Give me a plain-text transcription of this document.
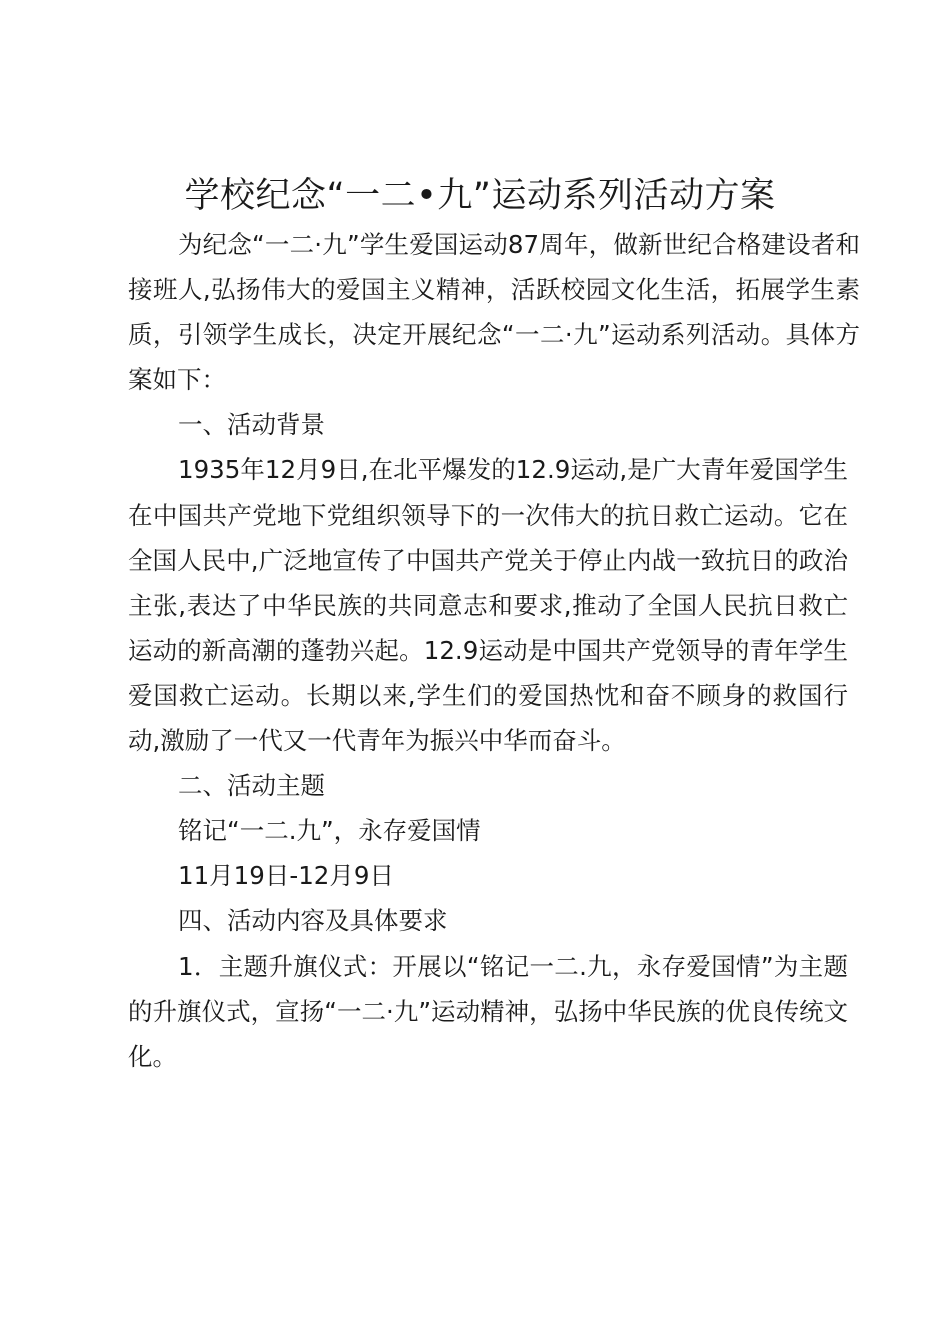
学校纪念“一二•九”运动系列活动方案

为纪念“一二·九”学生爱国运动87周年，做新世纪合格建设者和接班人,弘扬伟大的爱国主义精神，活跃校园文化生活，拓展学生素质，引领学生成长，决定开展纪念“一二·九”运动系列活动。具体方案如下：

一、活动背景

1935年12月9日,在北平爆发的12.9运动,是广大青年爱国学生在中国共产党地下党组织领导下的一次伟大的抗日救亡运动。它在全国人民中,广泛地宣传了中国共产党关于停止内战一致抗日的政治主张,表达了中华民族的共同意志和要求,推动了全国人民抗日救亡运动的新高潮的蓬勃兴起。12.9运动是中国共产党领导的青年学生爱国救亡运动。长期以来,学生们的爱国热忱和奋不顾身的救国行动,激励了一代又一代青年为振兴中华而奋斗。

二、活动主题

铭记“一二.九”，永存爱国情

11月19日-12月9日

四、活动内容及具体要求

1．主题升旗仪式：开展以“铭记一二.九，永存爱国情”为主题的升旗仪式，宣扬“一二·九”运动精神，弘扬中华民族的优良传统文化。
